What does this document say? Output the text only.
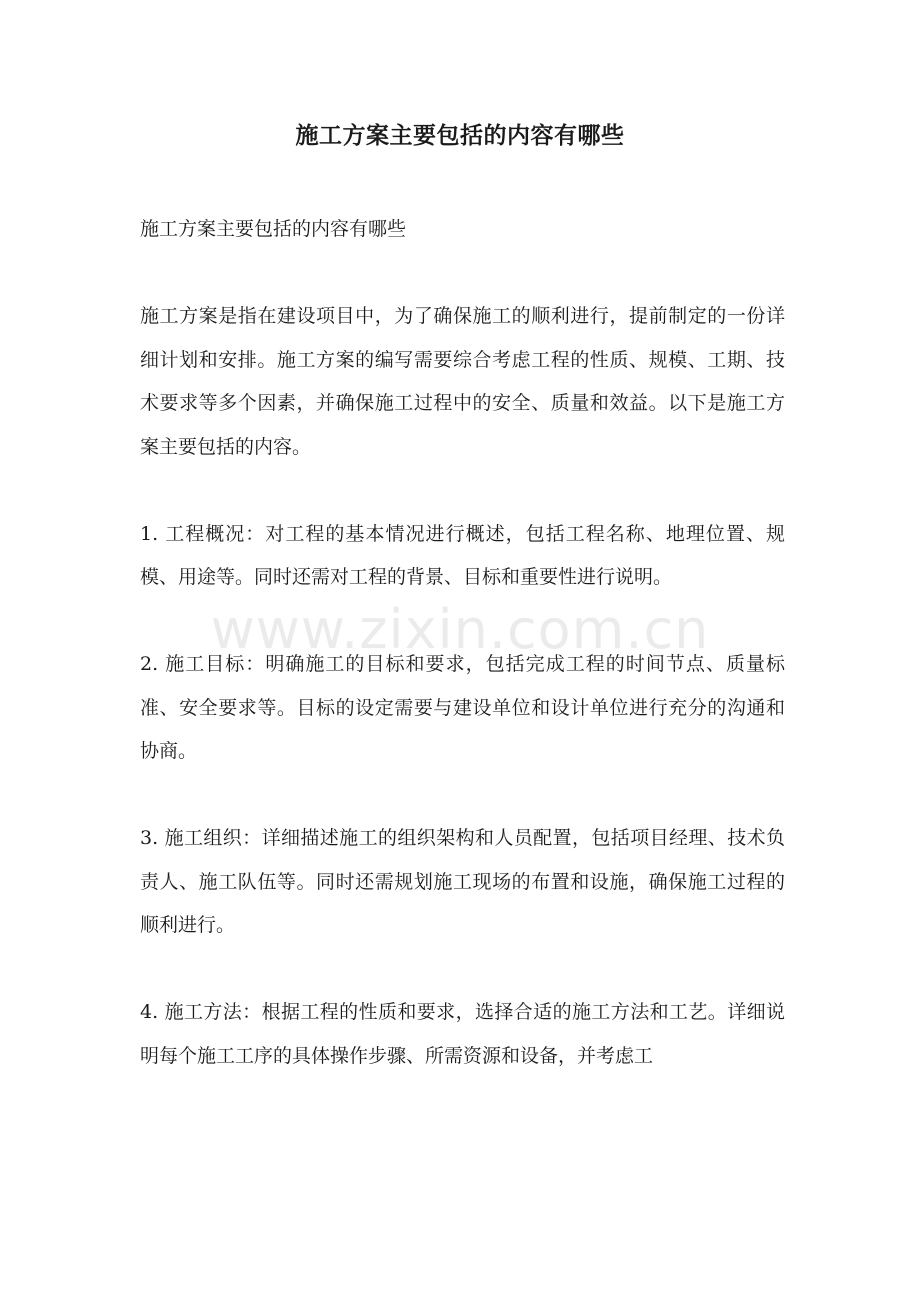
施工方案主要包括的内容有哪些

施工方案主要包括的内容有哪些

施工方案是指在建设项目中，为了确保施工的顺利进行，提前制定的一份详细计划和安排。施工方案的编写需要综合考虑工程的性质、规模、工期、技术要求等多个因素，并确保施工过程中的安全、质量和效益。以下是施工方案主要包括的内容。

1. 工程概况：对工程的基本情况进行概述，包括工程名称、地理位置、规模、用途等。同时还需对工程的背景、目标和重要性进行说明。

2. 施工目标：明确施工的目标和要求，包括完成工程的时间节点、质量标准、安全要求等。目标的设定需要与建设单位和设计单位进行充分的沟通和协商。

3. 施工组织：详细描述施工的组织架构和人员配置，包括项目经理、技术负责人、施工队伍等。同时还需规划施工现场的布置和设施，确保施工过程的顺利进行。

4. 施工方法：根据工程的性质和要求，选择合适的施工方法和工艺。详细说明每个施工工序的具体操作步骤、所需资源和设备，并考虑工

www.zixin.com.cn
